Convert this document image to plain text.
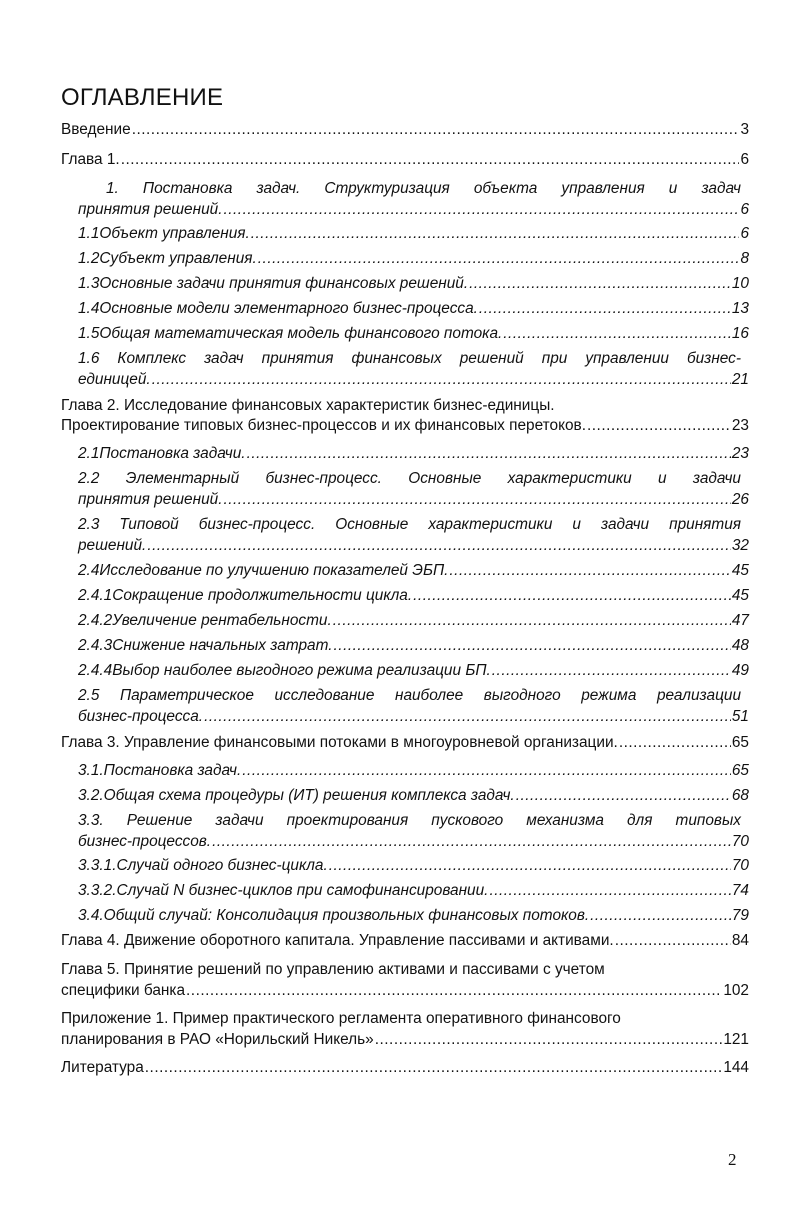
ОГЛАВЛЕНИЕ
Введение .....	3
Глава 1. .....	6
1. Постановка задач. Структуризация объекта управления и задач
принятия решений. .....	6
1.1 Объект управления. .....	6
1.2 Субъект управления. .....	8
1.3 Основные задачи принятия финансовых решений. .....	10
1.4 Основные модели элементарного бизнес-процесса. .....	13
1.5 Общая математическая модель финансового потока. .....	16
1.6 Комплекс задач принятия финансовых решений при управлении бизнес-
единицей. .....	21
Глава 2. Исследование финансовых характеристик бизнес-единицы.
Проектирование типовых бизнес-процессов и их финансовых перетоков. .....	23
2.1 Постановка задачи. .....	23
2.2 Элементарный бизнес-процесс. Основные характеристики и задачи
принятия решений. .....	26
2.3 Типовой бизнес-процесс. Основные характеристики и задачи принятия
решений. .....	32
2.4 Исследование по улучшению показателей ЭБП. .....	45
2.4.1 Сокращение продолжительности цикла. .....	45
2.4.2 Увеличение рентабельности. .....	47
2.4.3 Снижение начальных затрат. .....	48
2.4.4 Выбор наиболее выгодного режима реализации БП. .....	49
2.5 Параметрическое исследование наиболее выгодного режима реализации
бизнес-процесса. .....	51
Глава 3. Управление финансовыми потоками в многоуровневой организации. .....	65
3.1. Постановка задач. .....	65
3.2. Общая схема процедуры (ИТ) решения комплекса задач. .....	68
3.3. Решение задачи проектирования пускового механизма для типовых
бизнес-процессов. .....	70
3.3.1. Случай одного бизнес-цикла. .....	70
3.3.2. Случай N бизнес-циклов при самофинансировании. .....	74
3.4. Общий случай: Консолидация произвольных финансовых потоков. .....	79
Глава 4. Движение оборотного капитала. Управление пассивами и активами. .....	84
Глава 5. Принятие решений по управлению активами и пассивами с учетом
специфики банка .....	102
Приложение 1. Пример практического регламента оперативного финансового
планирования в РАО «Норильский Никель» .....	121
Литература .....	144
2
